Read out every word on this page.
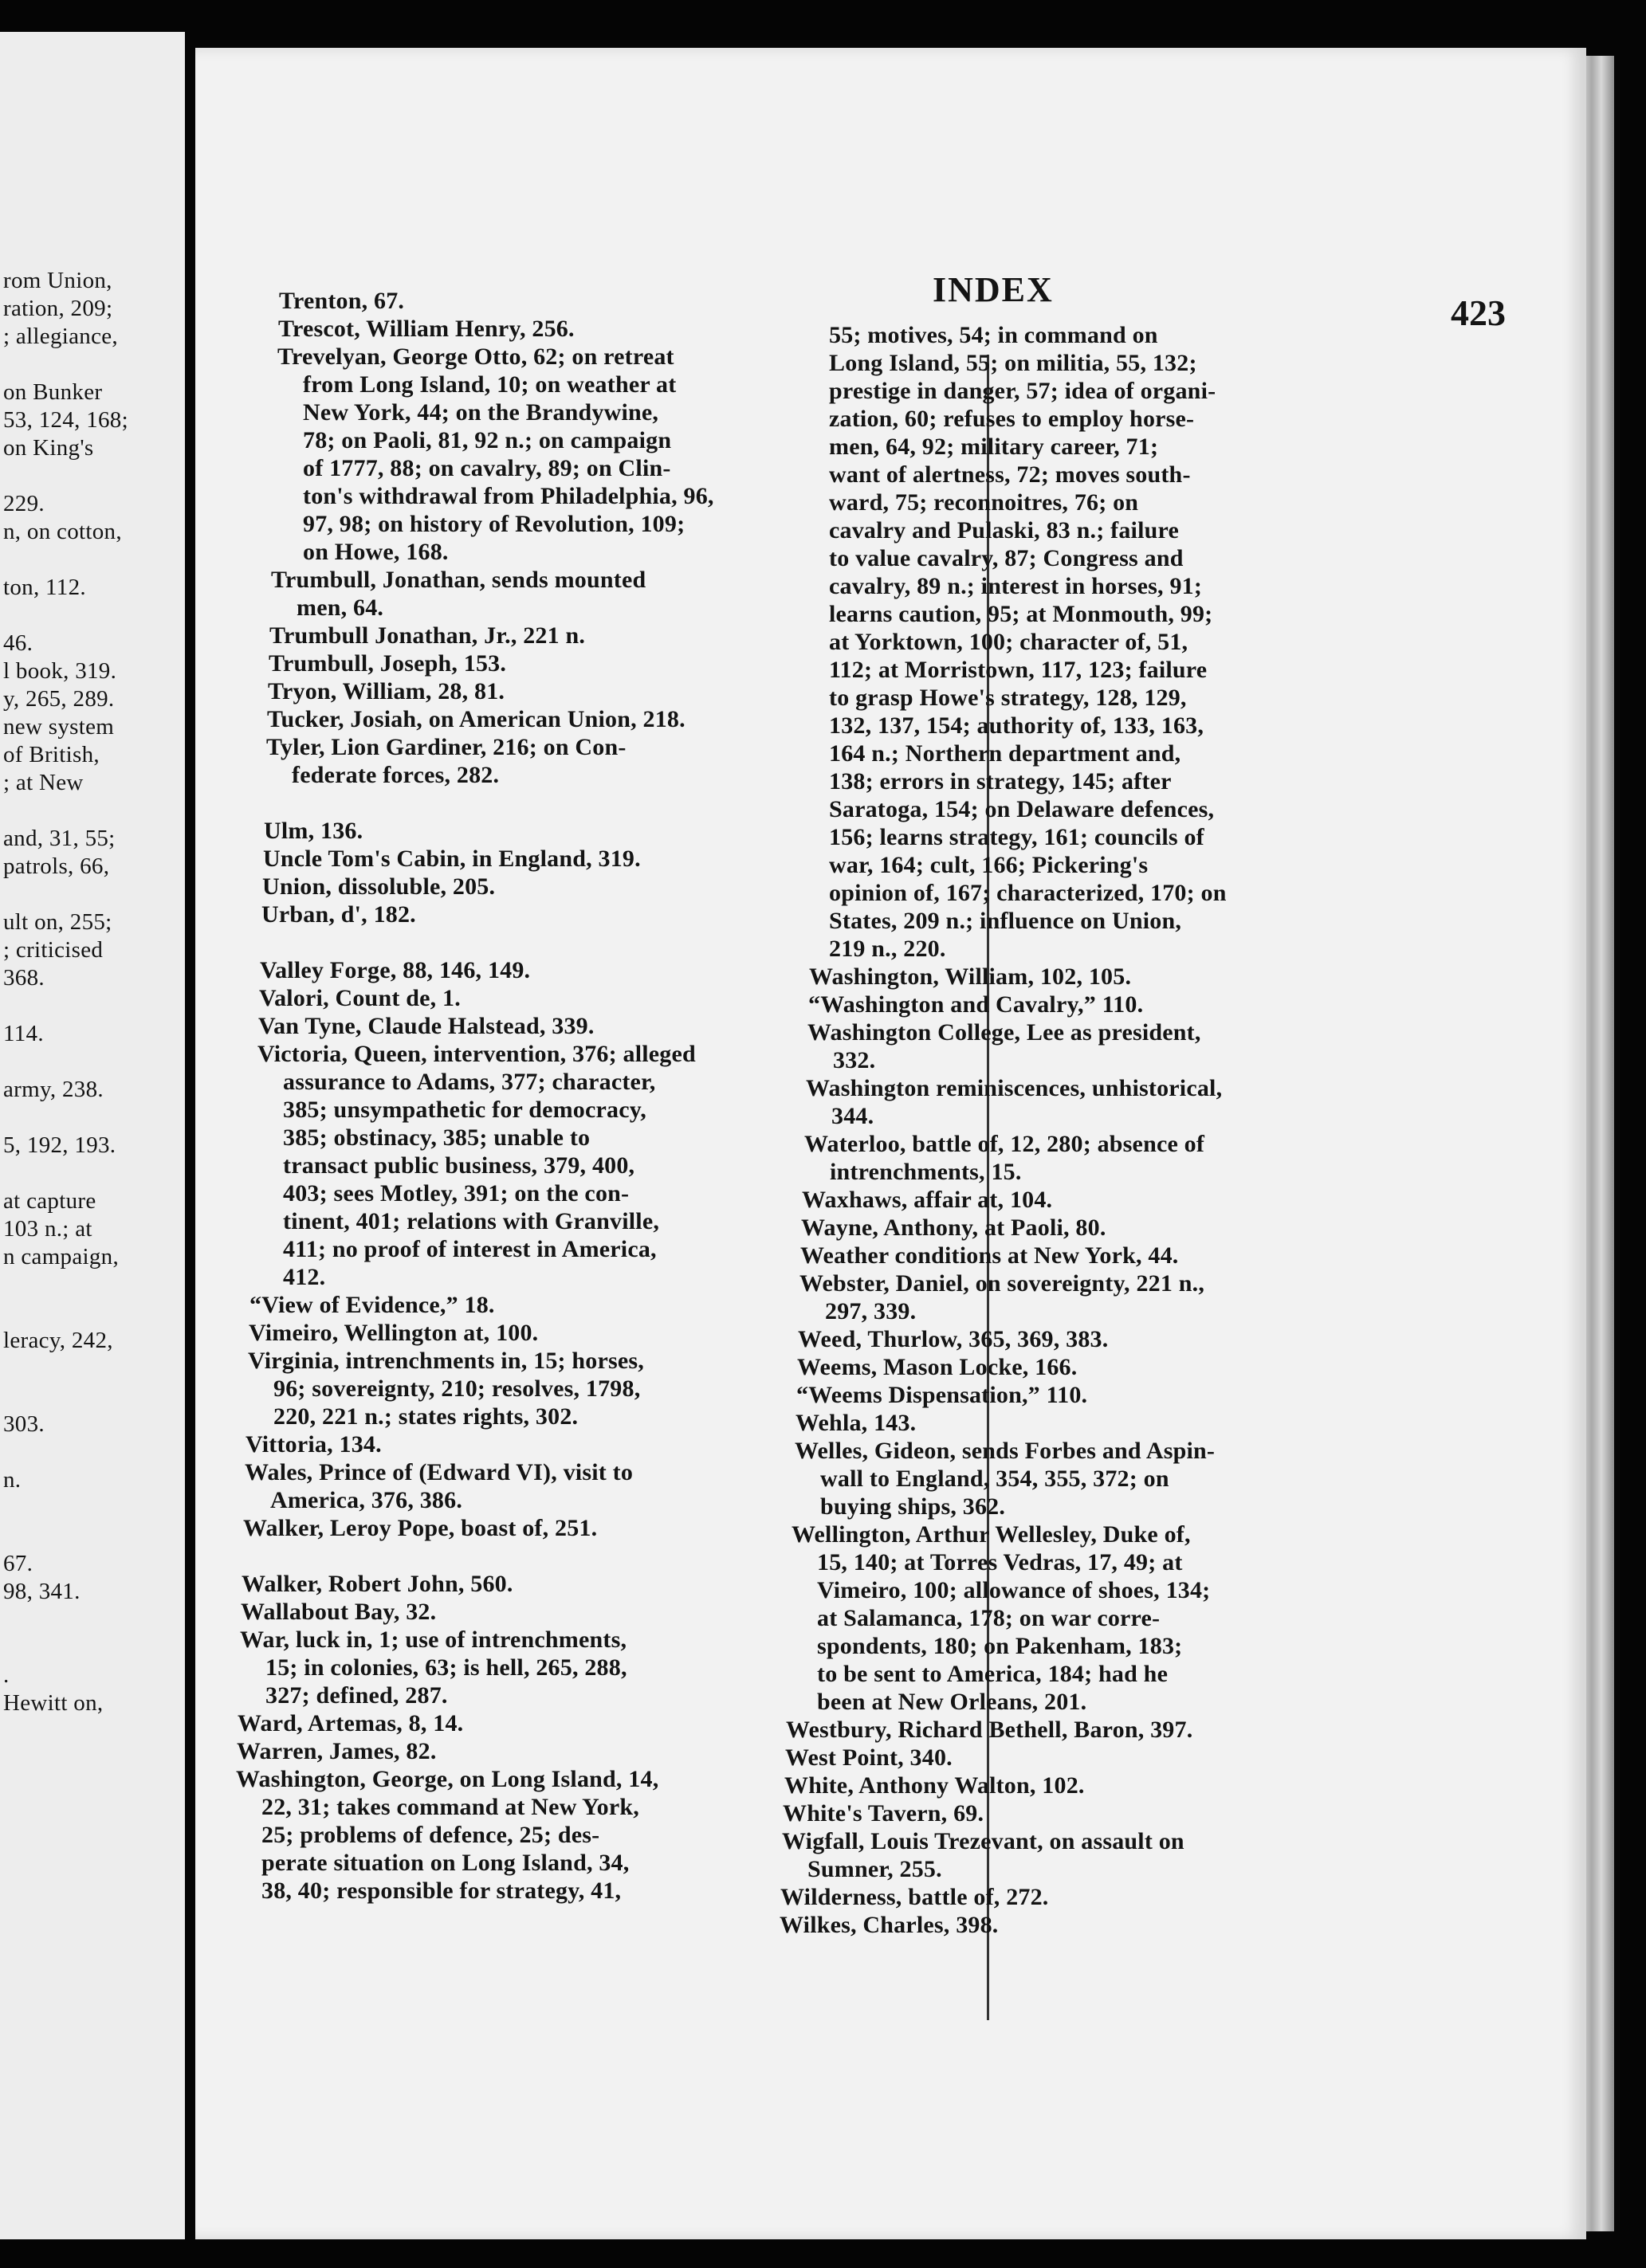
rom Union,
ration, 209;
; allegiance,
on Bunker
53, 124, 168;
on King's
229.
n, on cotton,
ton, 112.
46.
l book, 319.
y, 265, 289.
new system
of British,
; at New
and, 31, 55;
patrols, 66,
ult on, 255;
; criticised
368.
114.
army, 238.
5, 192, 193.
at capture
103 n.; at
n campaign,
leracy, 242,
303.
n.
67.
98, 341.
.
Hewitt on,
INDEX
423
Trenton, 67.
Trescot, William Henry, 256.
Trevelyan, George Otto, 62; on retreat
from Long Island, 10; on weather at
New York, 44; on the Brandywine,
78; on Paoli, 81, 92 n.; on campaign
of 1777, 88; on cavalry, 89; on Clin-
ton's withdrawal from Philadelphia, 96,
97, 98; on history of Revolution, 109;
on Howe, 168.
Trumbull, Jonathan, sends mounted
men, 64.
Trumbull Jonathan, Jr., 221 n.
Trumbull, Joseph, 153.
Tryon, William, 28, 81.
Tucker, Josiah, on American Union, 218.
Tyler, Lion Gardiner, 216; on Con-
federate forces, 282.
Ulm, 136.
Uncle Tom's Cabin, in England, 319.
Union, dissoluble, 205.
Urban, d', 182.
Valley Forge, 88, 146, 149.
Valori, Count de, 1.
Van Tyne, Claude Halstead, 339.
Victoria, Queen, intervention, 376; alleged
assurance to Adams, 377; character,
385; unsympathetic for democracy,
385; obstinacy, 385; unable to
transact public business, 379, 400,
403; sees Motley, 391; on the con-
tinent, 401; relations with Granville,
411; no proof of interest in America,
412.
“View of Evidence,” 18.
Vimeiro, Wellington at, 100.
Virginia, intrenchments in, 15; horses,
96; sovereignty, 210; resolves, 1798,
220, 221 n.; states rights, 302.
Vittoria, 134.
Wales, Prince of (Edward VI), visit to
America, 376, 386.
Walker, Leroy Pope, boast of, 251.
Walker, Robert John, 560.
Wallabout Bay, 32.
War, luck in, 1; use of intrenchments,
15; in colonies, 63; is hell, 265, 288,
327; defined, 287.
Ward, Artemas, 8, 14.
Warren, James, 82.
Washington, George, on Long Island, 14,
22, 31; takes command at New York,
25; problems of defence, 25; des-
perate situation on Long Island, 34,
38, 40; responsible for strategy, 41,
55; motives, 54; in command on
Long Island, 55; on militia, 55, 132;
prestige in danger, 57; idea of organi-
zation, 60; refuses to employ horse-
men, 64, 92; military career, 71;
want of alertness, 72; moves south-
ward, 75; reconnoitres, 76; on
cavalry and Pulaski, 83 n.; failure
to value cavalry, 87; Congress and
cavalry, 89 n.; interest in horses, 91;
learns caution, 95; at Monmouth, 99;
at Yorktown, 100; character of, 51,
112; at Morristown, 117, 123; failure
to grasp Howe's strategy, 128, 129,
132, 137, 154; authority of, 133, 163,
164 n.; Northern department and,
138; errors in strategy, 145; after
Saratoga, 154; on Delaware defences,
156; learns strategy, 161; councils of
war, 164; cult, 166; Pickering's
opinion of, 167; characterized, 170; on
States, 209 n.; influence on Union,
219 n., 220.
Washington, William, 102, 105.
“Washington and Cavalry,” 110.
Washington College, Lee as president,
332.
Washington reminiscences, unhistorical,
344.
Waterloo, battle of, 12, 280; absence of
intrenchments, 15.
Waxhaws, affair at, 104.
Wayne, Anthony, at Paoli, 80.
Weather conditions at New York, 44.
Webster, Daniel, on sovereignty, 221 n.,
297, 339.
Weed, Thurlow, 365, 369, 383.
Weems, Mason Locke, 166.
“Weems Dispensation,” 110.
Wehla, 143.
Welles, Gideon, sends Forbes and Aspin-
wall to England, 354, 355, 372; on
buying ships, 362.
Wellington, Arthur Wellesley, Duke of,
15, 140; at Torres Vedras, 17, 49; at
Vimeiro, 100; allowance of shoes, 134;
at Salamanca, 178; on war corre-
spondents, 180; on Pakenham, 183;
to be sent to America, 184; had he
been at New Orleans, 201.
Westbury, Richard Bethell, Baron, 397.
West Point, 340.
White, Anthony Walton, 102.
White's Tavern, 69.
Wigfall, Louis Trezevant, on assault on
Sumner, 255.
Wilderness, battle of, 272.
Wilkes, Charles, 398.
